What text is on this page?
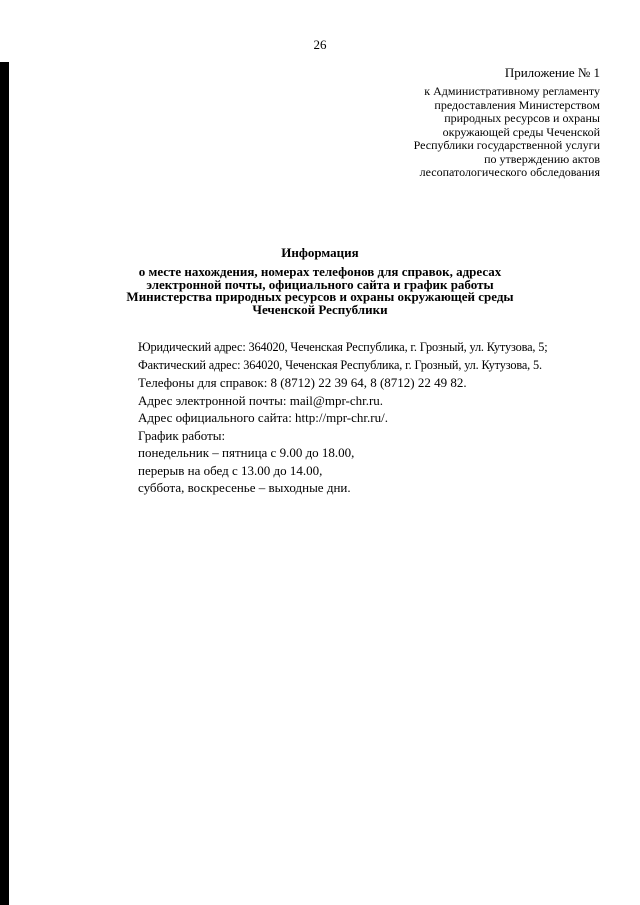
26
Приложение № 1
к Административному регламенту
предоставления Министерством
природных ресурсов и охраны
окружающей среды Чеченской
Республики государственной услуги
по утверждению актов
лесопатологического обследования
Информация
о месте нахождения, номерах телефонов для справок, адресах
электронной почты, официального сайта и график работы
Министерства природных ресурсов и охраны окружающей среды
Чеченской Республики
Юридический адрес: 364020, Чеченская Республика, г. Грозный, ул. Кутузова, 5;
Фактический адрес: 364020, Чеченская Республика, г. Грозный, ул. Кутузова, 5.
Телефоны для справок: 8 (8712) 22 39 64, 8 (8712) 22 49 82.
Адрес электронной почты: mail@mpr-chr.ru.
Адрес официального сайта: http://mpr-chr.ru/.
График работы:
понедельник – пятница с 9.00 до 18.00,
перерыв на обед с 13.00 до 14.00,
суббота, воскресенье – выходные дни.
